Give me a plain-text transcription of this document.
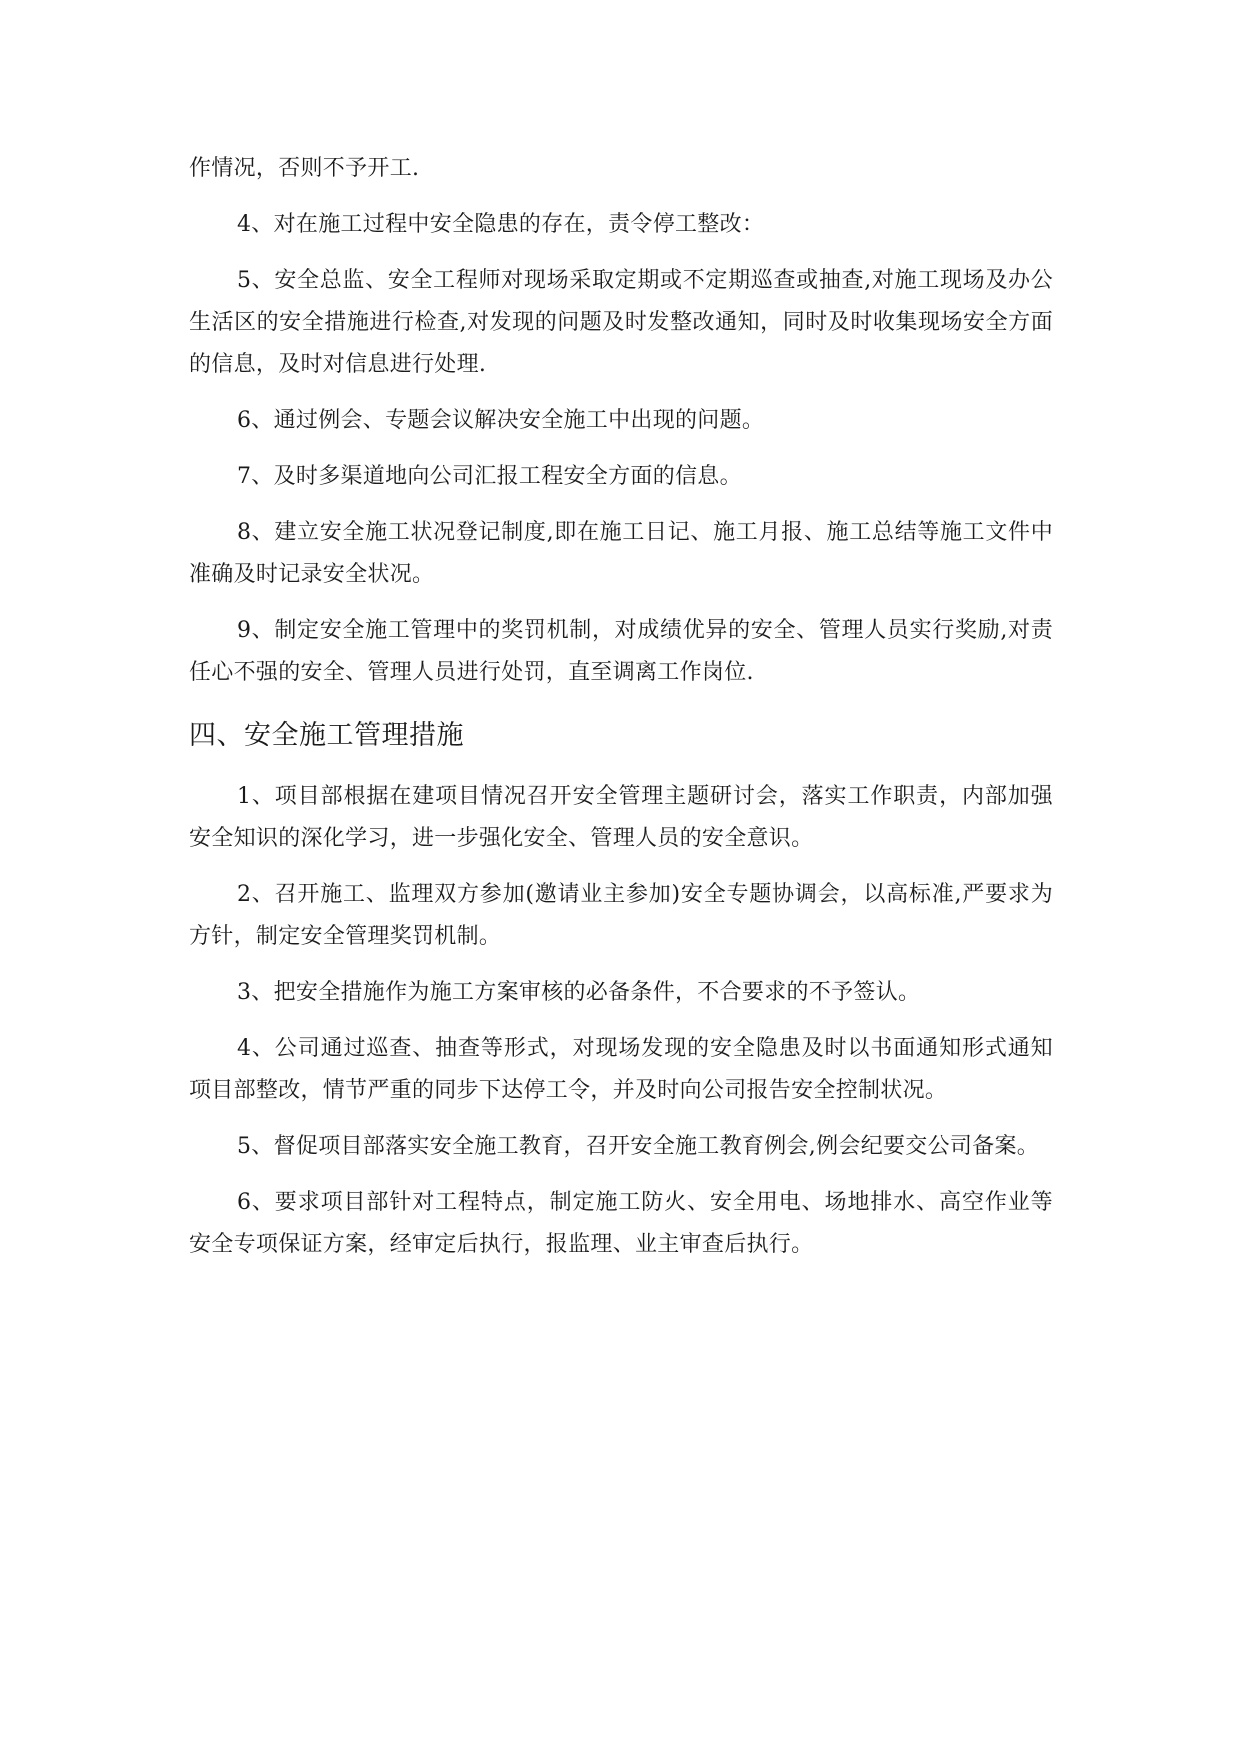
作情况，否则不予开工.

4、对在施工过程中安全隐患的存在，责令停工整改：

5、安全总监、安全工程师对现场采取定期或不定期巡查或抽查,对施工现场及办公生活区的安全措施进行检查,对发现的问题及时发整改通知，同时及时收集现场安全方面的信息，及时对信息进行处理.

6、通过例会、专题会议解决安全施工中出现的问题。

7、及时多渠道地向公司汇报工程安全方面的信息。

8、建立安全施工状况登记制度,即在施工日记、施工月报、施工总结等施工文件中准确及时记录安全状况。

9、制定安全施工管理中的奖罚机制，对成绩优异的安全、管理人员实行奖励,对责任心不强的安全、管理人员进行处罚，直至调离工作岗位.

四、安全施工管理措施

1、项目部根据在建项目情况召开安全管理主题研讨会，落实工作职责，内部加强安全知识的深化学习，进一步强化安全、管理人员的安全意识。

2、召开施工、监理双方参加(邀请业主参加)安全专题协调会，以高标准,严要求为方针，制定安全管理奖罚机制。

3、把安全措施作为施工方案审核的必备条件，不合要求的不予签认。

4、公司通过巡查、抽查等形式，对现场发现的安全隐患及时以书面通知形式通知项目部整改，情节严重的同步下达停工令，并及时向公司报告安全控制状况。

5、督促项目部落实安全施工教育，召开安全施工教育例会,例会纪要交公司备案。

6、要求项目部针对工程特点，制定施工防火、安全用电、场地排水、高空作业等安全专项保证方案，经审定后执行，报监理、业主审查后执行。
